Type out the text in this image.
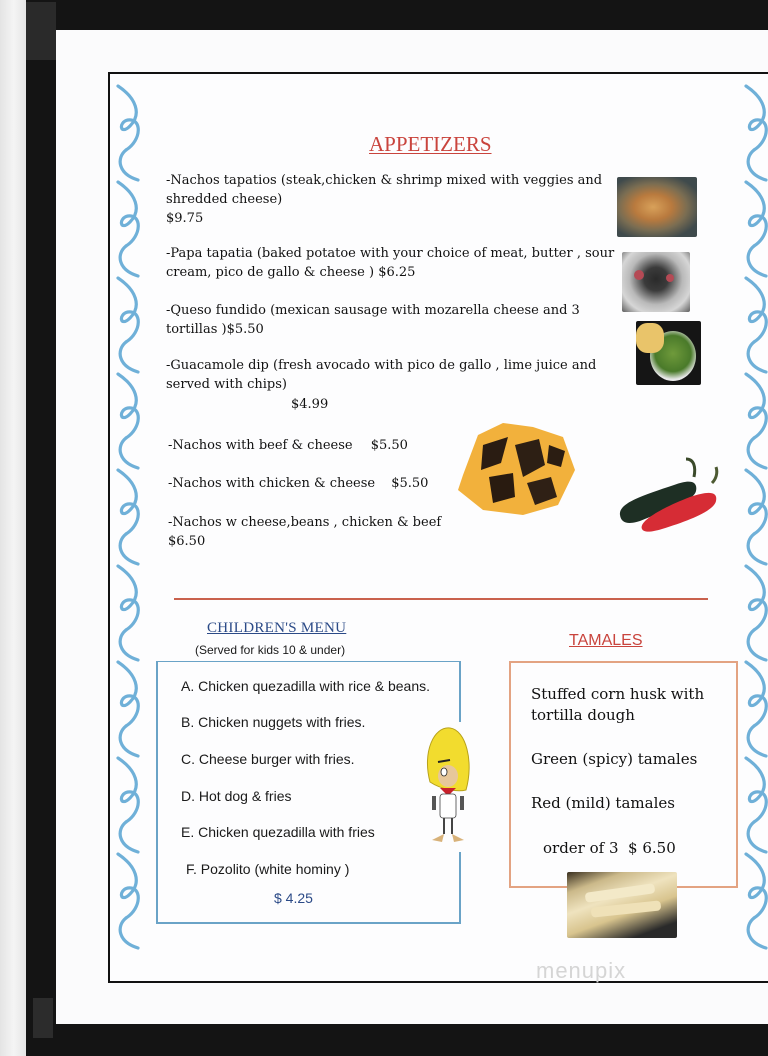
APPETIZERS
-Nachos tapatios (steak,chicken & shrimp mixed with veggies and
shredded cheese)
$9.75
-Papa tapatia (baked potatoe with your choice of meat, butter , sour
cream, pico de gallo & cheese ) $6.25
-Queso fundido (mexican sausage with mozarella cheese and 3
tortillas )$5.50
-Guacamole dip (fresh avocado with pico de gallo , lime juice and
served with chips)
$4.99
-Nachos with beef & cheese $5.50
-Nachos with chicken & cheese $5.50
-Nachos w cheese,beans , chicken & beef
$6.50
CHILDREN'S MENU
(Served for kids 10 & under)
A. Chicken quezadilla with rice & beans.
B. Chicken nuggets with fries.
C. Cheese burger with fries.
D. Hot dog & fries
E. Chicken quezadilla with fries
F. Pozolito (white hominy )
$ 4.25
TAMALES
Stuffed corn husk with
tortilla dough
Green (spicy) tamales
Red (mild) tamales
order of 3  $ 6.50
menupix
